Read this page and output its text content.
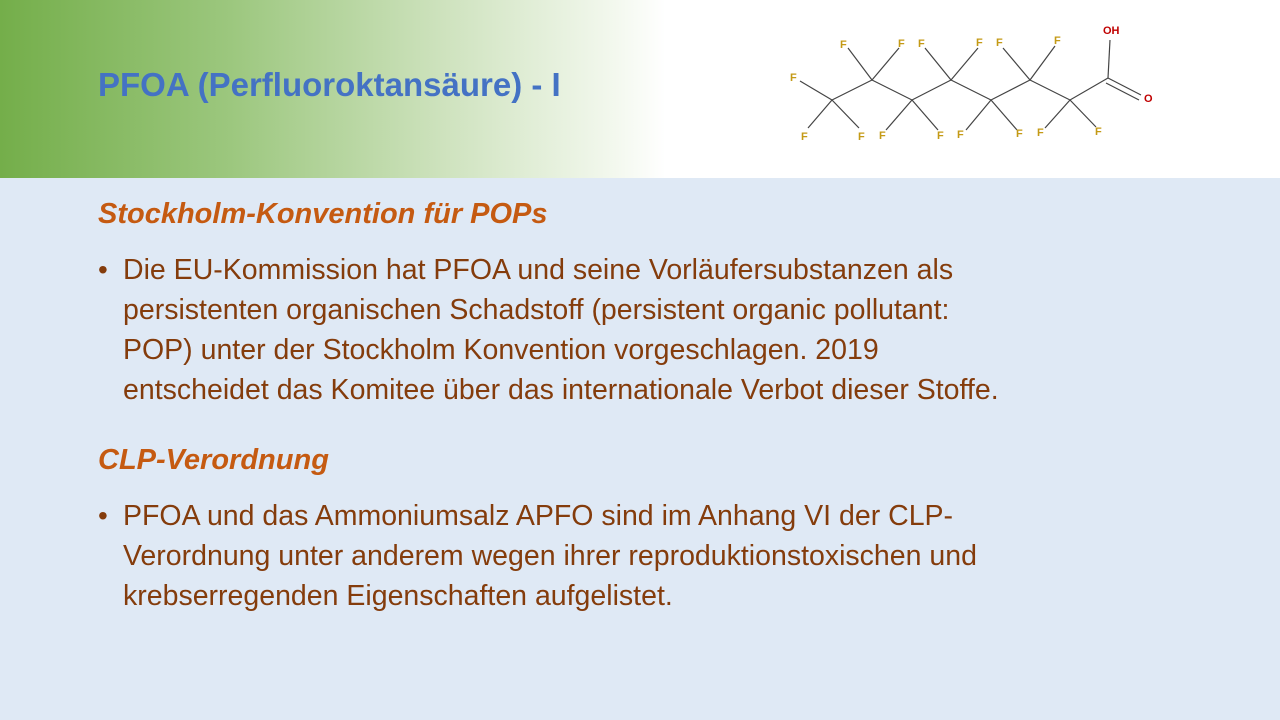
PFOA (Perfluoroktansäure) - I
F	F F	F F	F
F
F	F F	F F	F F	F
OH
O
Stockholm-Konvention für POPs
• Die EU-Kommission hat PFOA und seine Vorläufersubstanzen als
persistenten organischen Schadstoff (persistent organic pollutant:
POP) unter der Stockholm Konvention vorgeschlagen. 2019
entscheidet das Komitee über das internationale Verbot dieser Stoffe.
CLP-Verordnung
• PFOA und das Ammoniumsalz APFO sind im Anhang VI der CLP-
Verordnung unter anderem wegen ihrer reproduktionstoxischen und
krebserregenden Eigenschaften aufgelistet.
